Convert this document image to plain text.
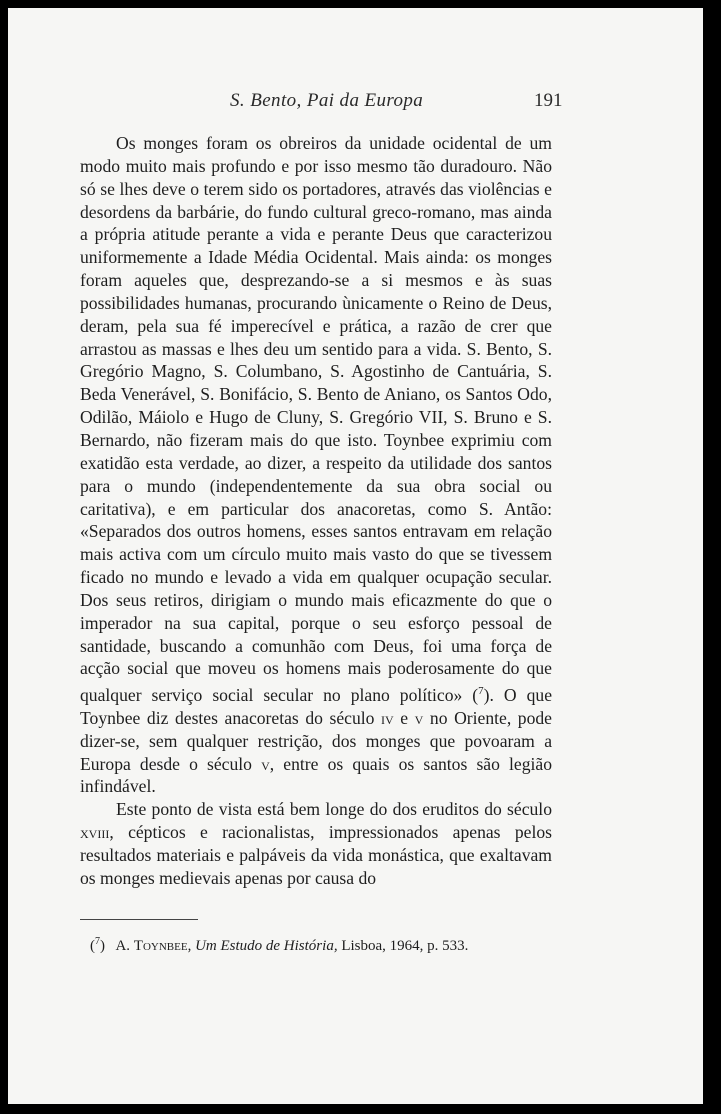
S. Bento, Pai da Europa	191

Os monges foram os obreiros da unidade ocidental de um modo muito mais profundo e por isso mesmo tão duradouro. Não só se lhes deve o terem sido os portadores, através das violências e desordens da barbárie, do fundo cultural greco-romano, mas ainda a própria atitude perante a vida e perante Deus que caracterizou uniformemente a Idade Média Ocidental. Mais ainda: os monges foram aqueles que, desprezando-se a si mesmos e às suas possibilidades humanas, procurando ùnicamente o Reino de Deus, deram, pela sua fé imperecível e prática, a razão de crer que arrastou as massas e lhes deu um sentido para a vida. S. Bento, S. Gregório Magno, S. Columbano, S. Agostinho de Cantuária, S. Beda Venerável, S. Bonifácio, S. Bento de Aniano, os Santos Odo, Odilão, Máiolo e Hugo de Cluny, S. Gregório VII, S. Bruno e S. Bernardo, não fizeram mais do que isto. Toynbee exprimiu com exatidão esta verdade, ao dizer, a respeito da utilidade dos santos para o mundo (independentemente da sua obra social ou caritativa), e em particular dos anacoretas, como S. Antão: «Separados dos outros homens, esses santos entravam em relação mais activa com um círculo muito mais vasto do que se tivessem ficado no mundo e levado a vida em qualquer ocupação secular. Dos seus retiros, dirigiam o mundo mais eficazmente do que o imperador na sua capital, porque o seu esforço pessoal de santidade, buscando a comunhão com Deus, foi uma força de acção social que moveu os homens mais poderosamente do que qualquer serviço social secular no plano político» ($^7$). O que Toynbee diz destes anacoretas do século iv e v no Oriente, pode dizer-se, sem qualquer restrição, dos monges que povoaram a Europa desde o século v, entre os quais os santos são legião infindável.

Este ponto de vista está bem longe do dos eruditos do século xviii, cépticos e racionalistas, impressionados apenas pelos resultados materiais e palpáveis da vida monástica, que exaltavam os monges medievais apenas por causa do

($^7$) A. Toynbee, Um Estudo de História, Lisboa, 1964, p. 533.
